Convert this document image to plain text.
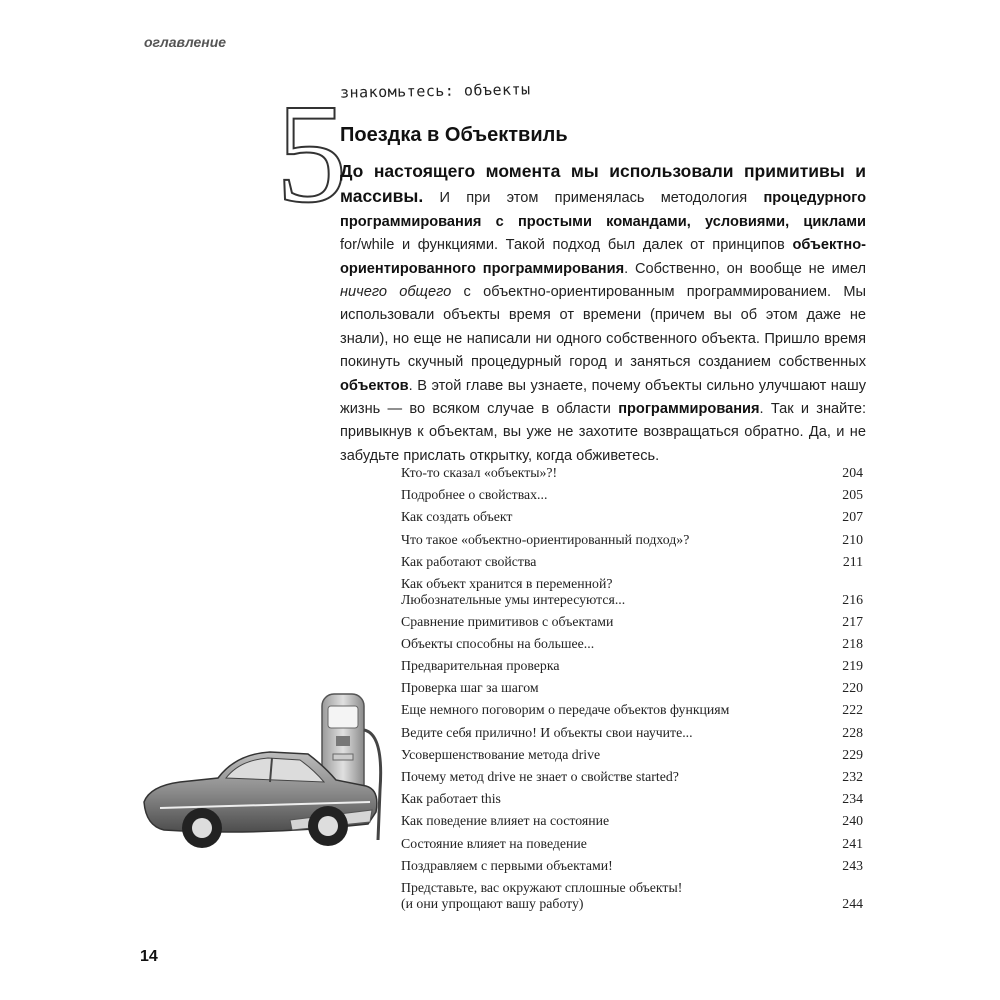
оглавление
5
знакомьтесь: объекты
Поездка в Объектвиль
До настоящего момента мы использовали примитивы и массивы. И при этом применялась методология процедурного программирования с простыми командами, условиями, циклами for/while и функциями. Такой подход был далек от принципов объектно-ориентированного программирования. Собственно, он вообще не имел ничего общего с объектно-ориентированным программированием. Мы использовали объекты время от времени (причем вы об этом даже не знали), но еще не написали ни одного собственного объекта. Пришло время покинуть скучный процедурный город и заняться созданием собственных объектов. В этой главе вы узнаете, почему объекты сильно улучшают нашу жизнь — во всяком случае в области программирования. Так и знайте: привыкнув к объектам, вы уже не захотите возвращаться обратно. Да, и не забудьте прислать открытку, когда обживетесь.
Кто-то сказал «объекты»?!	204
Подробнее о свойствах...	205
Как создать объект	207
Что такое «объектно-ориентированный подход»?	210
Как работают свойства	211
Как объект хранится в переменной?
Любознательные умы интересуются...	216
Сравнение примитивов с объектами	217
Объекты способны на большее...	218
Предварительная проверка	219
Проверка шаг за шагом	220
Еще немного поговорим о передаче объектов функциям	222
Ведите себя прилично! И объекты свои научите...	228
Усовершенствование метода drive	229
Почему метод drive не знает о свойстве started?	232
Как работает this	234
Как поведение влияет на состояние	240
Состояние влияет на поведение	241
Поздравляем с первыми объектами!	243
Представьте, вас окружают сплошные объекты!
(и они упрощают вашу работу)	244
14
